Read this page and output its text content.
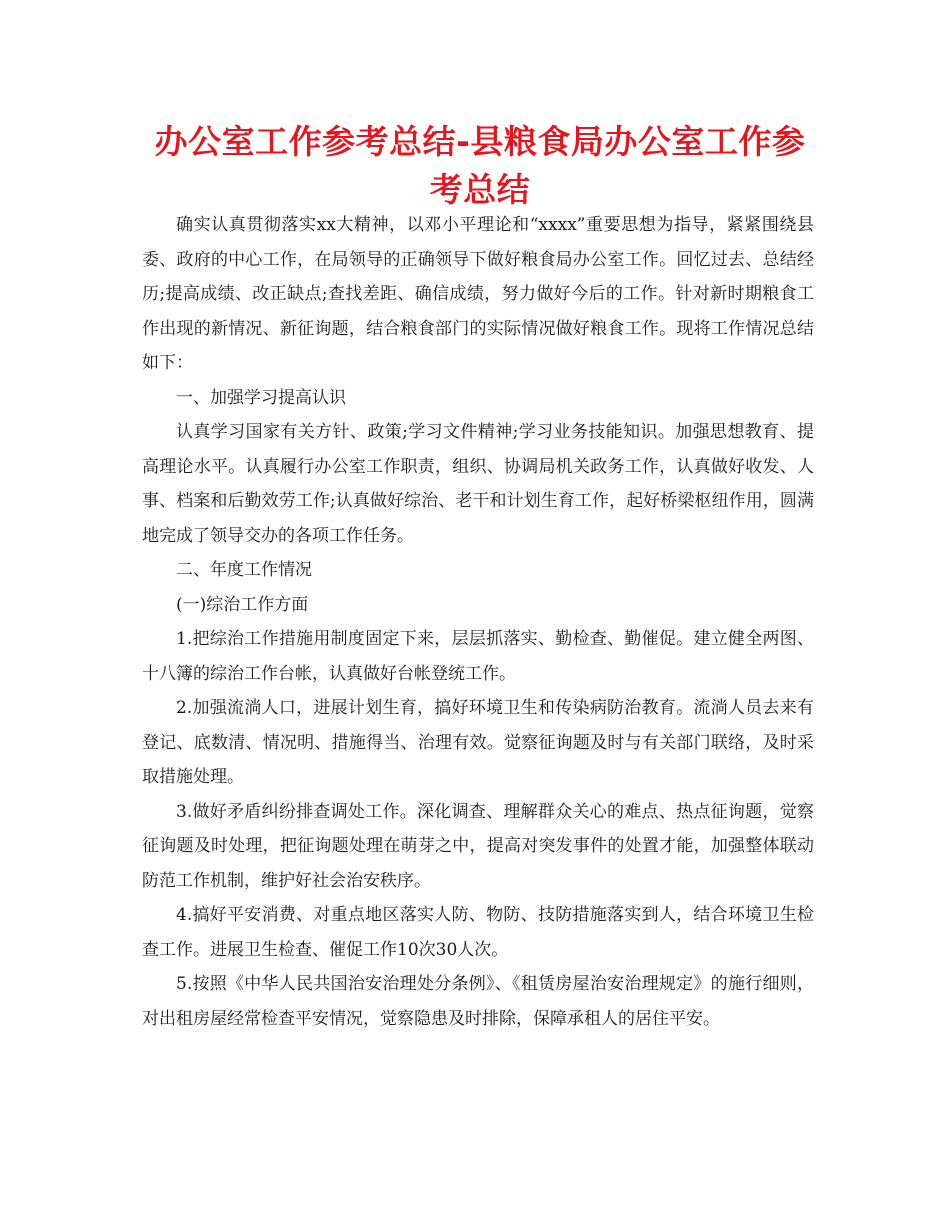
办公室工作参考总结-县粮食局办公室工作参考总结

确实认真贯彻落实xx大精神，以邓小平理论和“xxxx”重要思想为指导，紧紧围绕县委、政府的中心工作，在局领导的正确领导下做好粮食局办公室工作。回忆过去、总结经历;提高成绩、改正缺点;查找差距、确信成绩，努力做好今后的工作。针对新时期粮食工作出现的新情况、新征询题，结合粮食部门的实际情况做好粮食工作。现将工作情况总结如下：

一、加强学习提高认识

认真学习国家有关方针、政策;学习文件精神;学习业务技能知识。加强思想教育、提高理论水平。认真履行办公室工作职责，组织、协调局机关政务工作，认真做好收发、人事、档案和后勤效劳工作;认真做好综治、老干和计划生育工作，起好桥梁枢纽作用，圆满地完成了领导交办的各项工作任务。

二、年度工作情况

(一)综治工作方面

1.把综治工作措施用制度固定下来，层层抓落实、勤检查、勤催促。建立健全两图、十八簿的综治工作台帐，认真做好台帐登统工作。

2.加强流淌人口，进展计划生育，搞好环境卫生和传染病防治教育。流淌人员去来有登记、底数清、情况明、措施得当、治理有效。觉察征询题及时与有关部门联络，及时采取措施处理。

3.做好矛盾纠纷排查调处工作。深化调查、理解群众关心的难点、热点征询题，觉察征询题及时处理，把征询题处理在萌芽之中，提高对突发事件的处置才能，加强整体联动防范工作机制，维护好社会治安秩序。

4.搞好平安消费、对重点地区落实人防、物防、技防措施落实到人，结合环境卫生检查工作。进展卫生检查、催促工作10次30人次。

5.按照《中华人民共国治安治理处分条例》、《租赁房屋治安治理规定》的施行细则，对出租房屋经常检查平安情况，觉察隐患及时排除，保障承租人的居住平安。
